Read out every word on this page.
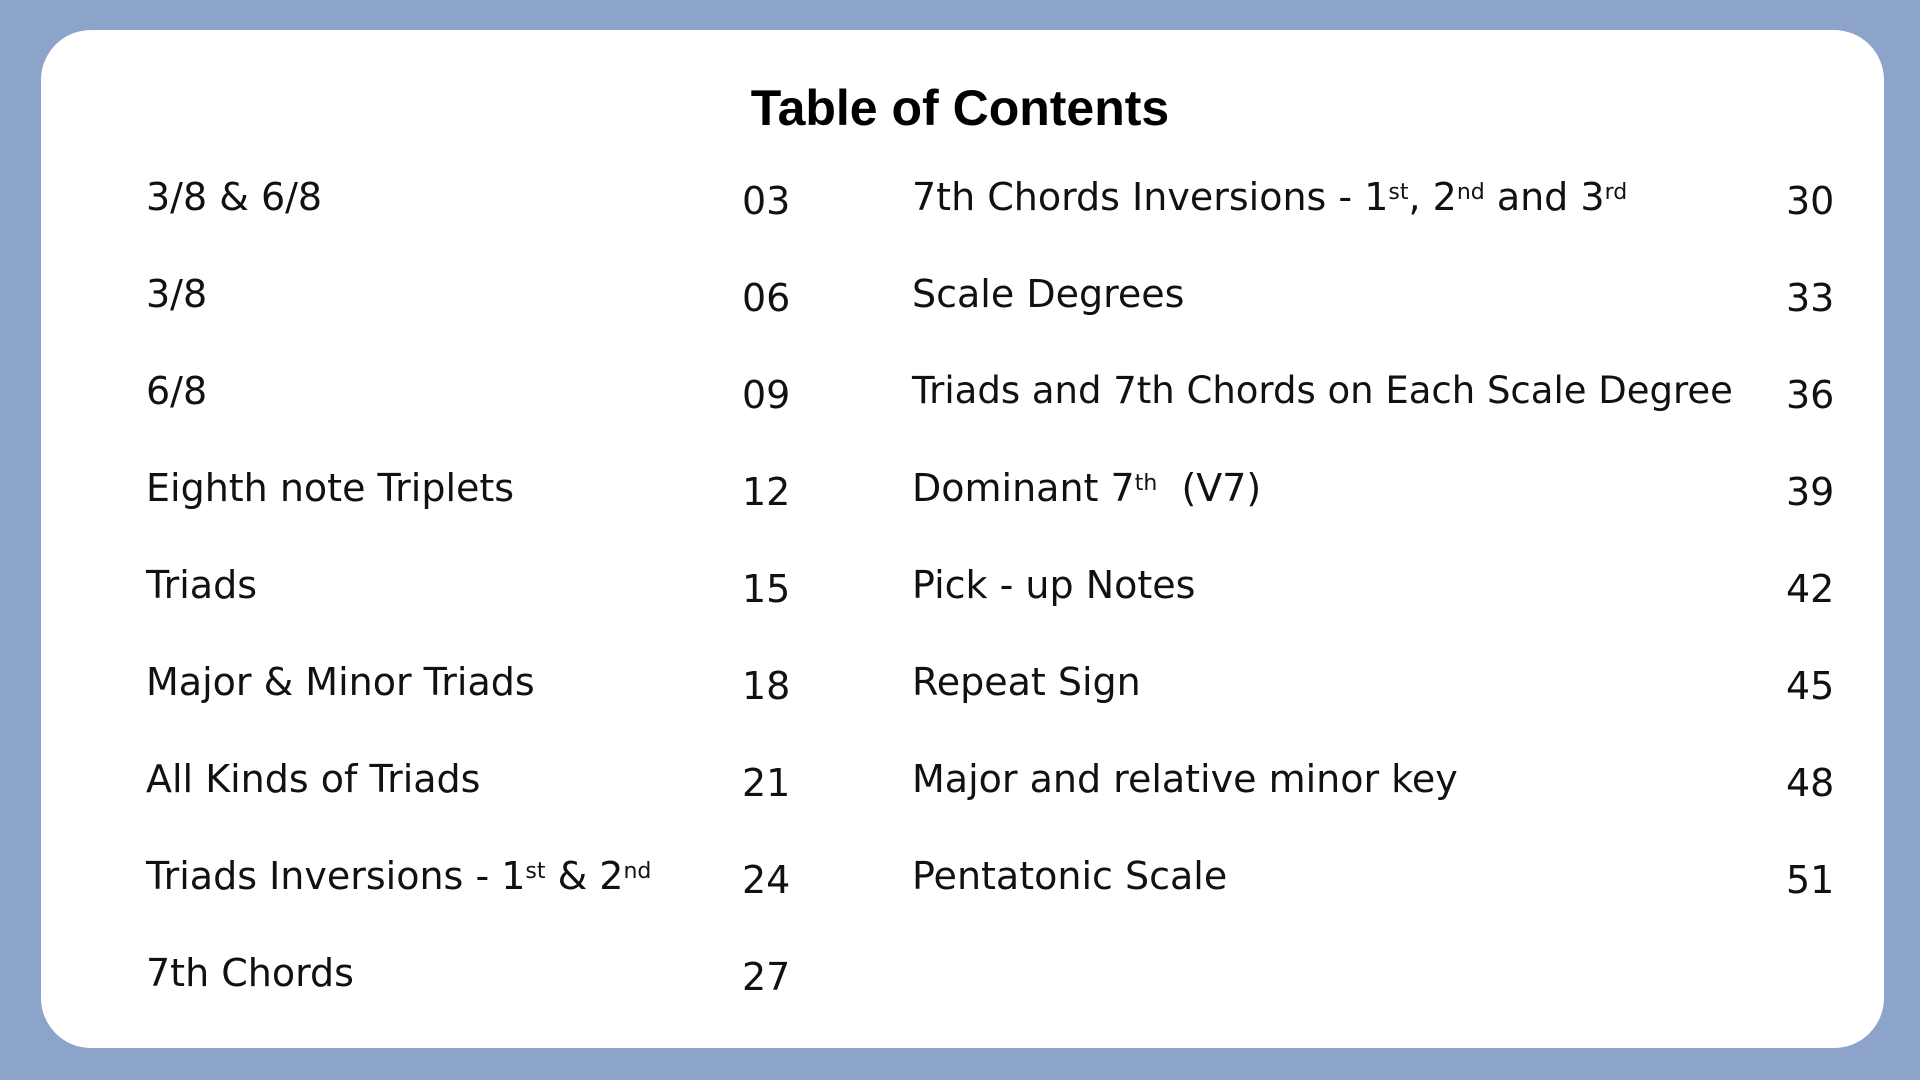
Table of Contents
3/8 & 6/8	03
3/8	06
6/8	09
Eighth note Triplets	12
Triads	15
Major & Minor Triads	18
All Kinds of Triads	21
Triads Inversions - 1st & 2nd 24
7th Chords	27
7th Chords Inversions - 1st, 2nd and 3rd	30
Scale Degrees	33
Triads and 7th Chords on Each Scale Degree 36
Dominant 7th  (V7)	39
Pick - up Notes	42
Repeat Sign	45
Major and relative minor key	48
Pentatonic Scale	51
